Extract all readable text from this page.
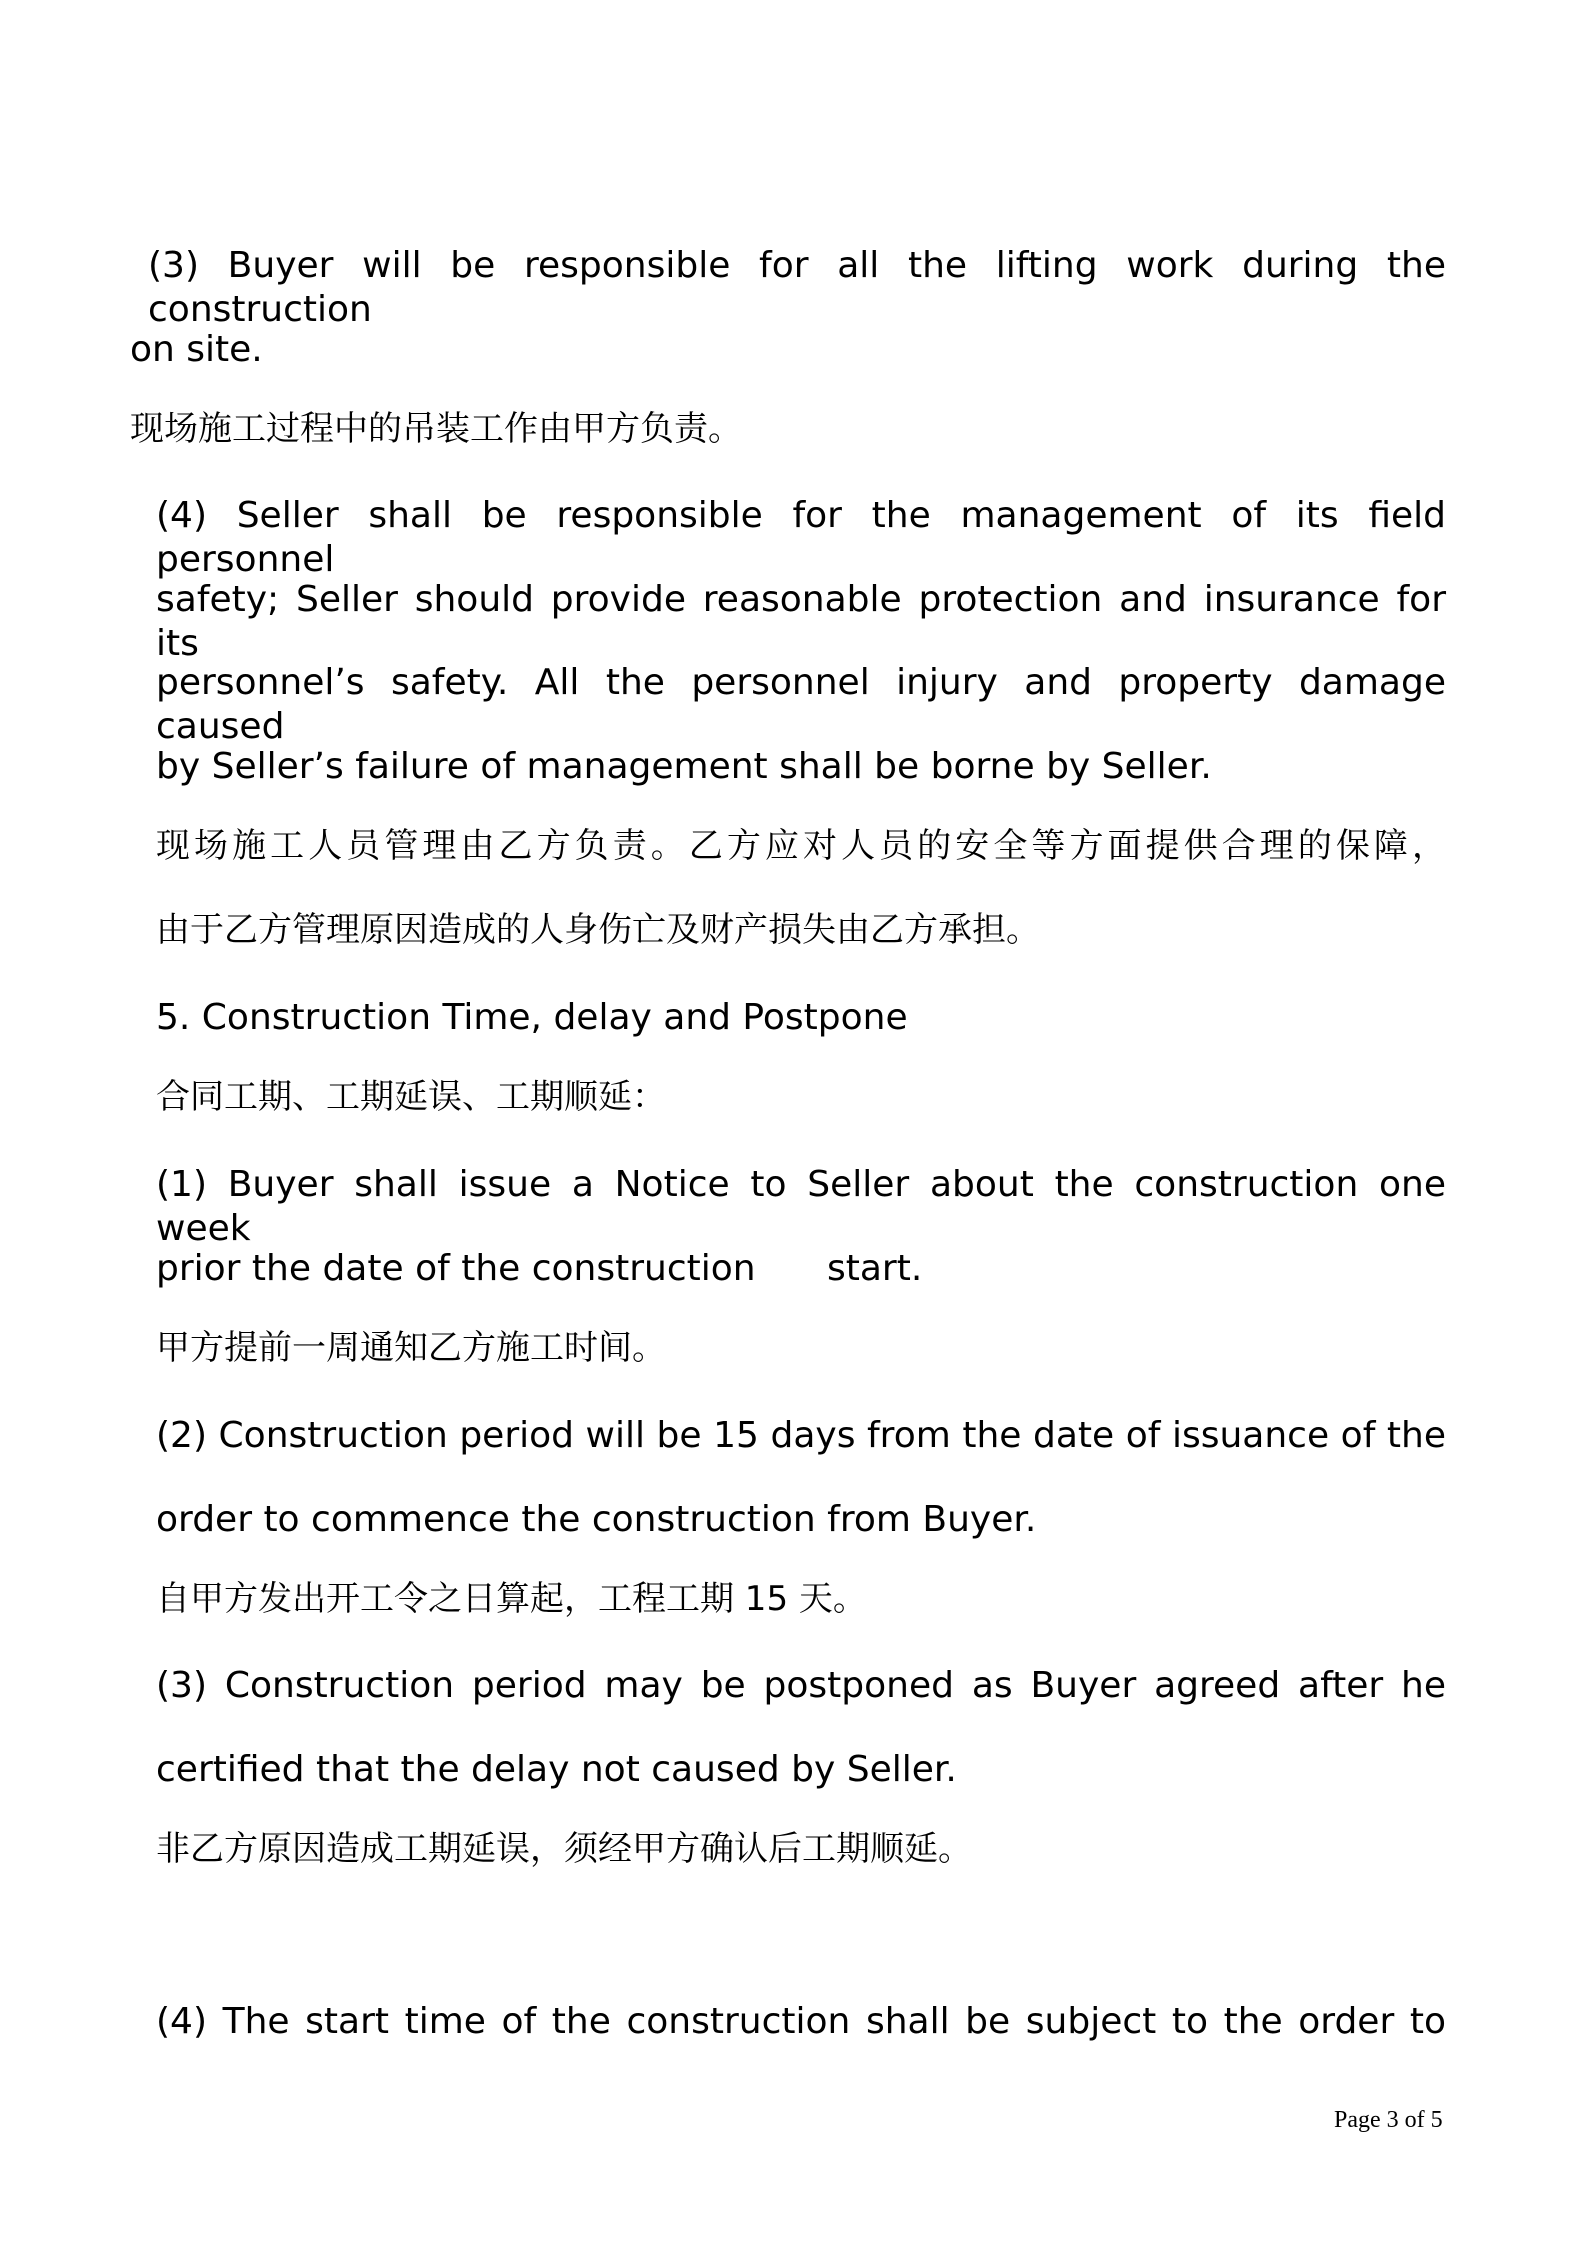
(3) Buyer will be responsible for all the lifting work during the construction

on site.

现场施工过程中的吊装工作由甲方负责。

(4) Seller shall be responsible for the management of its field personnel

safety; Seller should provide reasonable protection and insurance for its

personnel’s safety. All the personnel injury and property damage caused

by Seller’s failure of management shall be borne by Seller.

现场施工人员管理由乙方负责。乙方应对人员的安全等方面提供合理的保障，

由于乙方管理原因造成的人身伤亡及财产损失由乙方承担。

5. Construction Time, delay and Postpone

合同工期、工期延误、工期顺延：

(1) Buyer shall issue a Notice to Seller about the construction one week

prior the date of the construction start.

甲方提前一周通知乙方施工时间。

(2) Construction period will be 15 days from the date of issuance of the

order to commence the construction from Buyer.

自甲方发出开工令之日算起，工程工期 15 天。

(3) Construction period may be postponed as Buyer agreed after he

certified that the delay not caused by Seller.

非乙方原因造成工期延误，须经甲方确认后工期顺延。

(4) The start time of the construction shall be subject to the order to

Page 3 of 5
